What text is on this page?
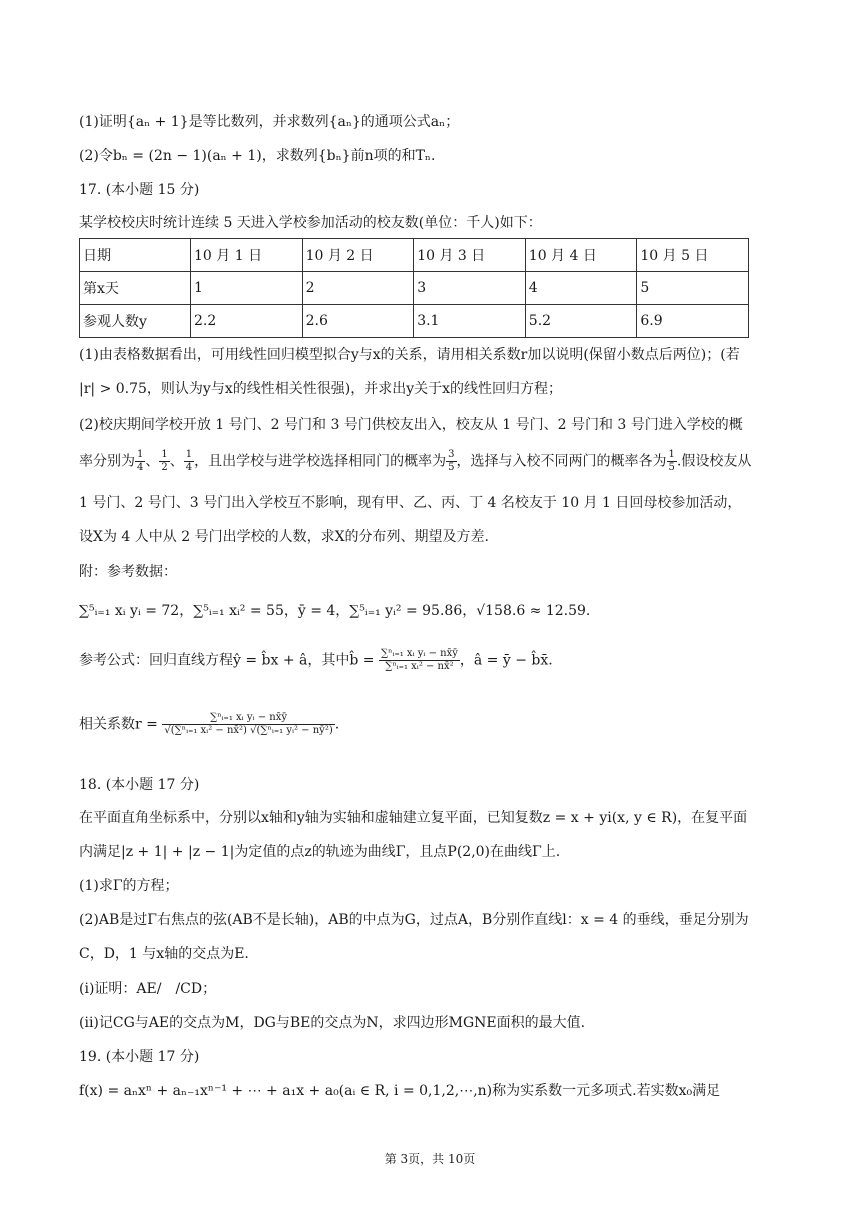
(1)证明{aₙ + 1}是等比数列，并求数列{aₙ}的通项公式aₙ；
(2)令bₙ = (2n − 1)(aₙ + 1)，求数列{bₙ}前n项的和Tₙ.
17. (本小题 15 分)
某学校校庆时统计连续 5 天进入学校参加活动的校友数(单位：千人)如下：
日期	10 月 1 日	10 月 2 日	10 月 3 日	10 月 4 日	10 月 5 日
第x天	1	2	3	4	5
参观人数y	2.2	2.6	3.1	5.2	6.9
(1)由表格数据看出，可用线性回归模型拟合y与x的关系，请用相关系数r加以说明(保留小数点后两位)；(若
|r| > 0.75，则认为y与x的线性相关性很强)，并求出y关于x的线性回归方程；
(2)校庆期间学校开放 1 号门、2 号门和 3 号门供校友出入，校友从 1 号门、2 号门和 3 号门进入学校的概
率分别为 $\frac{1}{4}$ 、 $\frac{1}{2}$ 、 $\frac{1}{4}$ ，且出学校与进学校选择相同门的概率为 $\frac{3}{5}$ ，选择与入校不同两门的概率各为 $\frac{1}{5}$ .假设校友从
1 号门、2 号门、3 号门出入学校互不影响，现有甲、乙、丙、丁 4 名校友于 10 月 1 日回母校参加活动，
设X为 4 人中从 2 号门出学校的人数，求X的分布列、期望及方差.
附：参考数据：
∑⁵ᵢ₌₁ xᵢ yᵢ = 72，∑⁵ᵢ₌₁ xᵢ² = 55，ȳ = 4，∑⁵ᵢ₌₁ yᵢ² = 95.86，√158.6 ≈ 12.59.
参考公式：回归直线方程ŷ = b̂x + â，其中b̂ = $\frac{\text{∑ⁿᵢ₌₁ xᵢ yᵢ − nx̄ȳ}}{\text{∑ⁿᵢ₌₁ xᵢ² − nx̄²}}$ ，â = ȳ − b̂x̄.
相关系数$r = \frac{\text{∑ⁿᵢ₌₁ xᵢ yᵢ − nx̄ȳ}}{\text{√(∑ⁿᵢ₌₁ xᵢ² − nx̄²) √(∑ⁿᵢ₌₁ yᵢ² − nȳ²)}}$ .
18. (本小题 17 分)
在平面直角坐标系中，分别以x轴和y轴为实轴和虚轴建立复平面，已知复数z = x + yi(x, y ∈ R)，在复平面
内满足|z + 1| + |z − 1|为定值的点z的轨迹为曲线Γ，且点P(2,0)在曲线Γ上.
(1)求Γ的方程；
(2)AB是过Γ右焦点的弦(AB不是长轴)，AB的中点为G，过点A，B分别作直线l：x = 4 的垂线，垂足分别为
C，D，1 与x轴的交点为E.
(i)证明：AE/　/CD；
(ii)记CG与AE的交点为M，DG与BE的交点为N，求四边形MGNE面积的最大值.
19. (本小题 17 分)
f(x) = aₙxⁿ + aₙ₋₁xⁿ⁻¹ + ⋯ + a₁x + a₀(aᵢ ∈ R, i = 0,1,2,⋯,n)称为实系数一元多项式.若实数x₀满足
第 3页，共 10页
